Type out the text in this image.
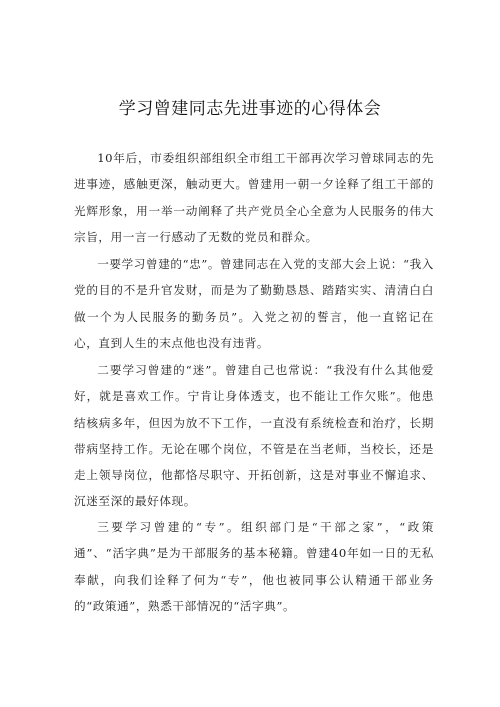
学习曾建同志先进事迹的心得体会

10年后，市委组织部组织全市组工干部再次学习曾球同志的先进事迹，感触更深，触动更大。曾建用一朝一夕诠释了组工干部的光辉形象，用一举一动阐释了共产党员全心全意为人民服务的伟大宗旨，用一言一行感动了无数的党员和群众。

一要学习曾建的“忠”。曾建同志在入党的支部大会上说：“我入党的目的不是升官发财，而是为了勤勤恳恳、踏踏实实、清清白白做一个为人民服务的勤务员”。入党之初的誓言，他一直铭记在心，直到人生的末点他也没有违背。

二要学习曾建的“迷”。曾建自己也常说：“我没有什么其他爱好，就是喜欢工作。宁肯让身体透支，也不能让工作欠账”。他患结核病多年，但因为放不下工作，一直没有系统检查和治疗，长期带病坚持工作。无论在哪个岗位，不管是在当老师，当校长，还是走上领导岗位，他都恪尽职守、开拓创新，这是对事业不懈追求、沉迷至深的最好体现。

三要学习曾建的“专”。组织部门是“干部之家”，“政策通”、“活字典”是为干部服务的基本秘籍。曾建40年如一日的无私奉献，向我们诠释了何为“专”，他也被同事公认精通干部业务的“政策通”，熟悉干部情况的“活字典”。
